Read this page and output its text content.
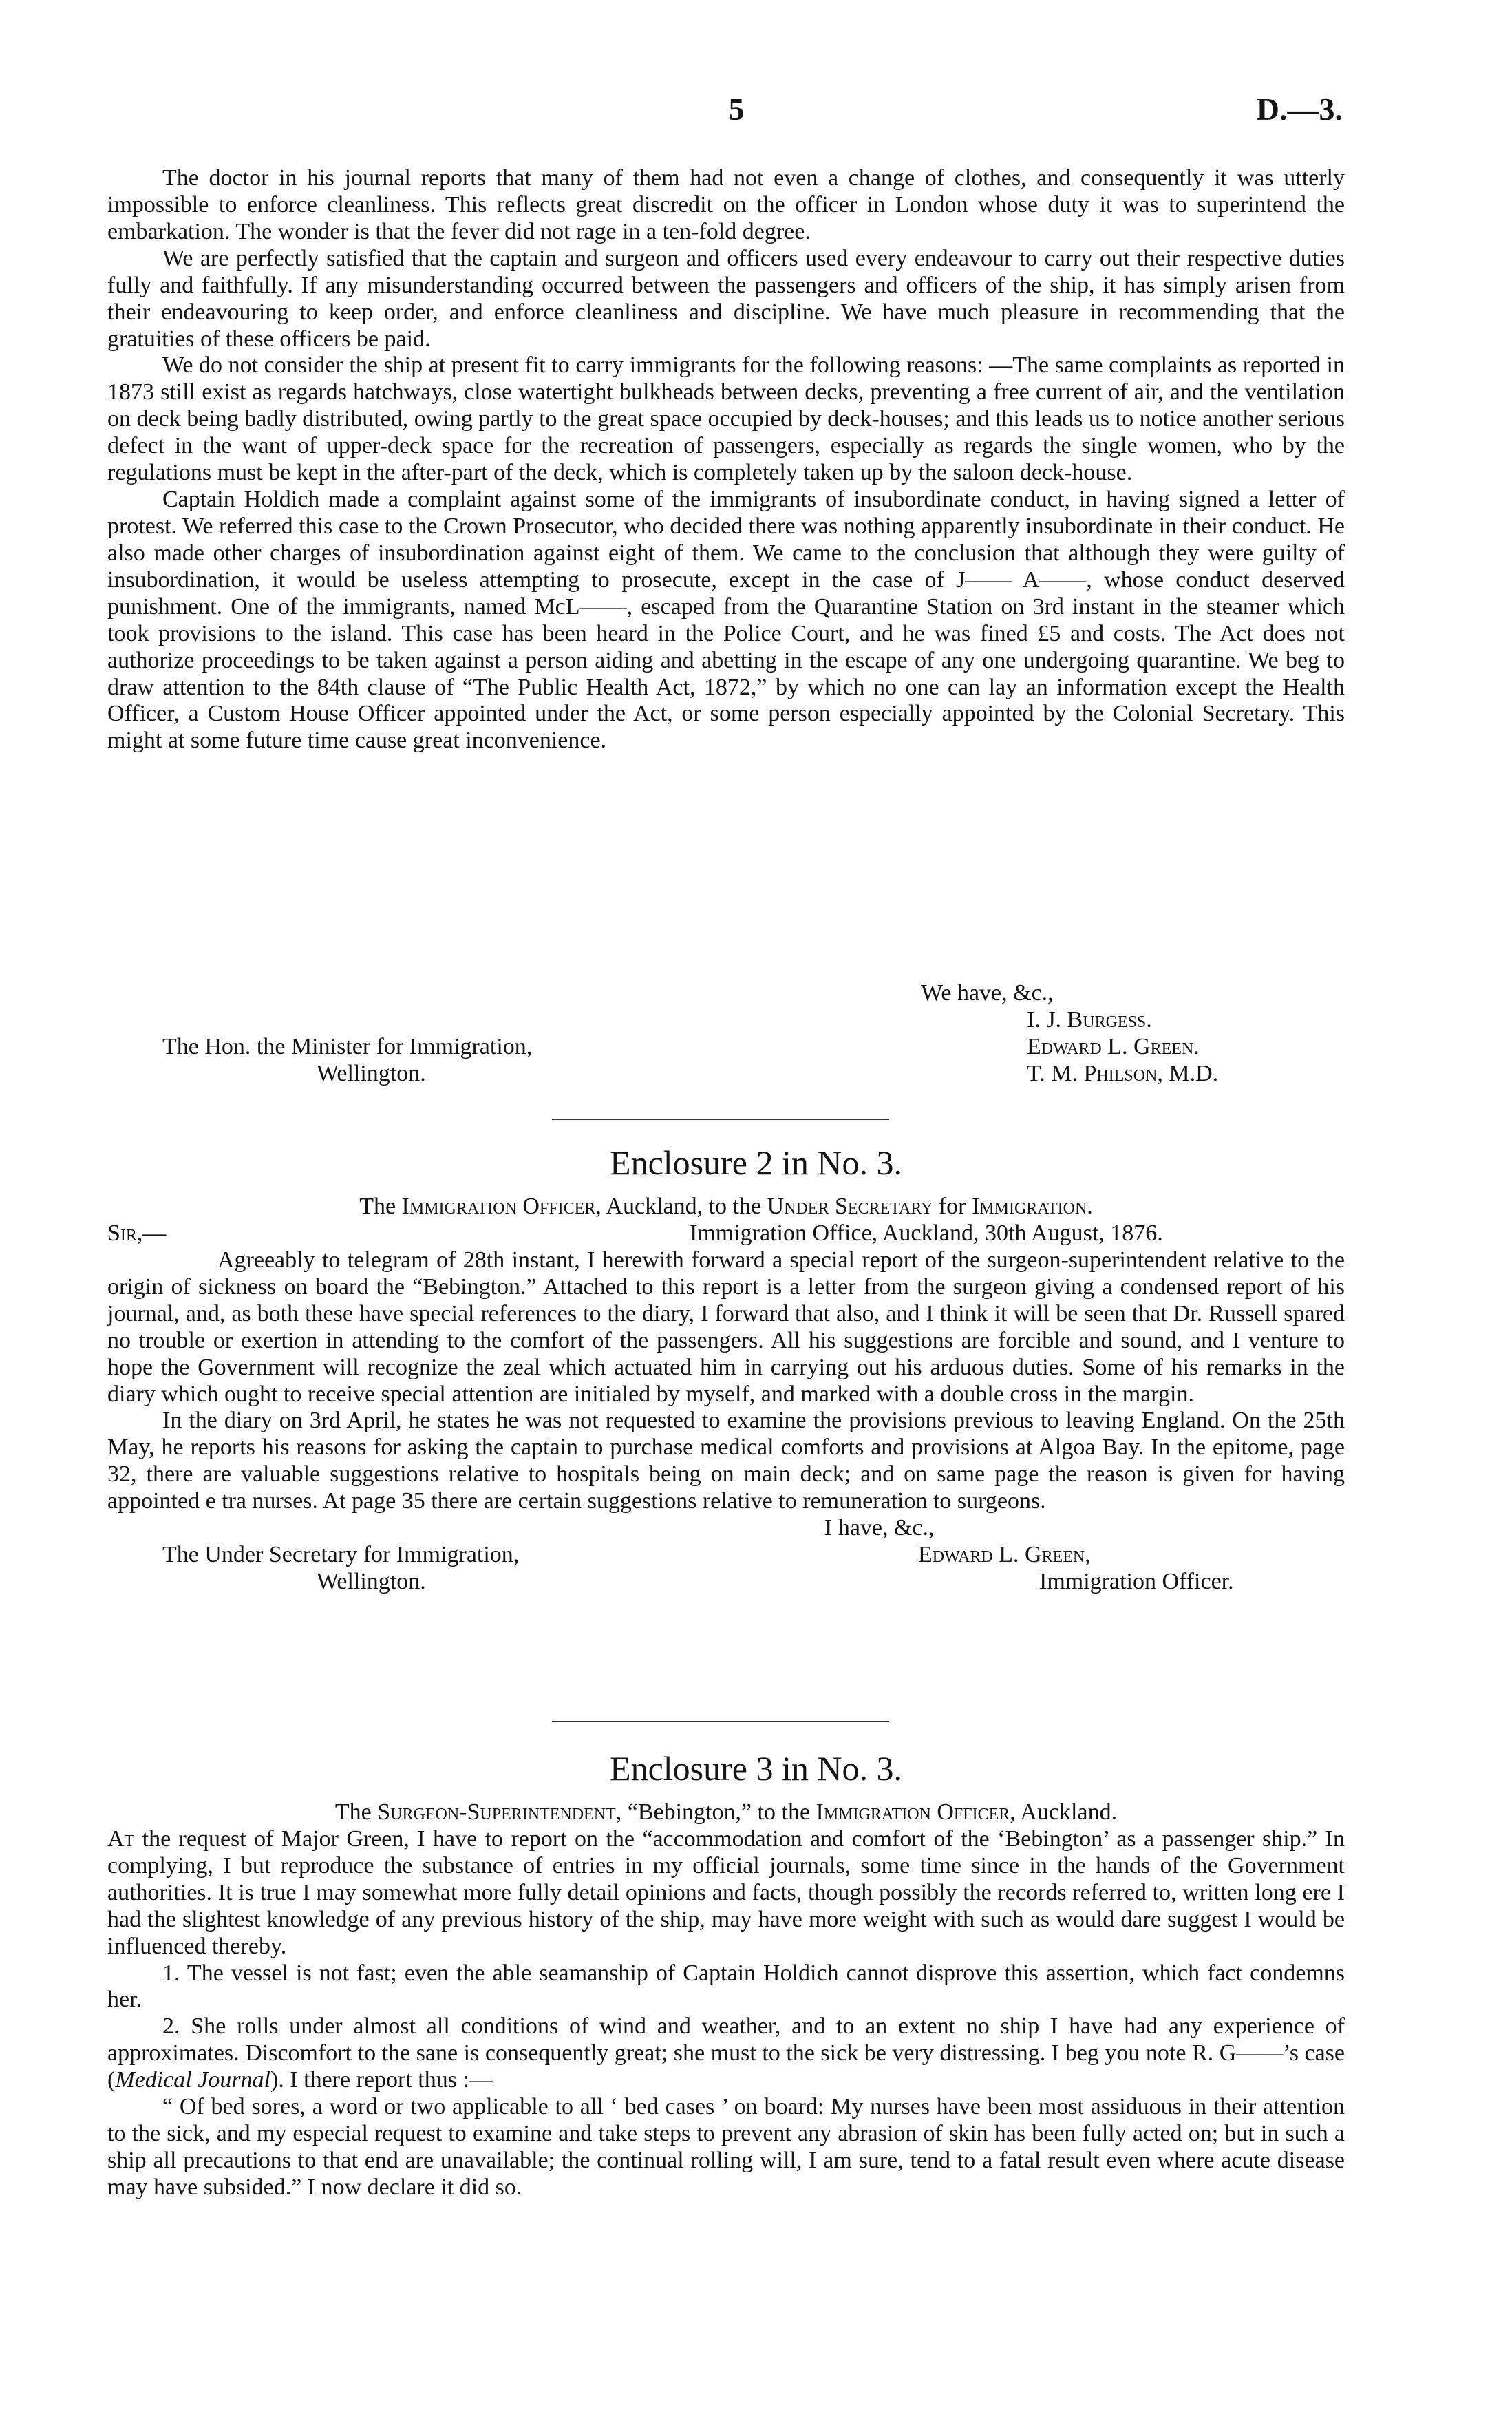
5	D.—3.

The doctor in his journal reports that many of them had not even a change of clothes, and consequently it was utterly impossible to enforce cleanliness. This reflects great discredit on the officer in London whose duty it was to superintend the embarkation. The wonder is that the fever did not rage in a ten-fold degree.

We are perfectly satisfied that the captain and surgeon and officers used every endeavour to carry out their respective duties fully and faithfully. If any misunderstanding occurred between the passengers and officers of the ship, it has simply arisen from their endeavouring to keep order, and enforce cleanliness and discipline. We have much pleasure in recommending that the gratuities of these officers be paid.

We do not consider the ship at present fit to carry immigrants for the following reasons: —The same complaints as reported in 1873 still exist as regards hatchways, close watertight bulkheads between decks, preventing a free current of air, and the ventilation on deck being badly distributed, owing partly to the great space occupied by deck-houses; and this leads us to notice another serious defect in the want of upper-deck space for the recreation of passengers, especially as regards the single women, who by the regulations must be kept in the after-part of the deck, which is completely taken up by the saloon deck-house.

Captain Holdich made a complaint against some of the immigrants of insubordinate conduct, in having signed a letter of protest. We referred this case to the Crown Prosecutor, who decided there was nothing apparently insubordinate in their conduct. He also made other charges of insubordination against eight of them. We came to the conclusion that although they were guilty of insubordination, it would be useless attempting to prosecute, except in the case of J—— A——, whose conduct deserved punishment. One of the immigrants, named McL——, escaped from the Quarantine Station on 3rd instant in the steamer which took provisions to the island. This case has been heard in the Police Court, and he was fined £5 and costs. The Act does not authorize proceedings to be taken against a person aiding and abetting in the escape of any one undergoing quarantine. We beg to draw attention to the 84th clause of “The Public Health Act, 1872,” by which no one can lay an information except the Health Officer, a Custom House Officer appointed under the Act, or some person especially appointed by the Colonial Secretary. This might at some future time cause great inconvenience.

We have, &c.,
I. J. Burgess.
The Hon. the Minister for Immigration,	Edward L. Green.
Wellington.	T. M. Philson, M.D.
Enclosure 2 in No. 3.

The Immigration Officer, Auckland, to the Under Secretary for Immigration.

Sir,—	Immigration Office, Auckland, 30th August, 1876.

Agreeably to telegram of 28th instant, I herewith forward a special report of the surgeon-superintendent relative to the origin of sickness on board the “Bebington.” Attached to this report is a letter from the surgeon giving a condensed report of his journal, and, as both these have special references to the diary, I forward that also, and I think it will be seen that Dr. Russell spared no trouble or exertion in attending to the comfort of the passengers. All his suggestions are forcible and sound, and I venture to hope the Government will recognize the zeal which actuated him in carrying out his arduous duties. Some of his remarks in the diary which ought to receive special attention are initialed by myself, and marked with a double cross in the margin.

In the diary on 3rd April, he states he was not requested to examine the provisions previous to leaving England. On the 25th May, he reports his reasons for asking the captain to purchase medical comforts and provisions at Algoa Bay. In the epitome, page 32, there are valuable suggestions relative to hospitals being on main deck; and on same page the reason is given for having appointed e tra nurses. At page 35 there are certain suggestions relative to remuneration to surgeons.

I have, &c.,
The Under Secretary for Immigration,	Edward L. Green,
Wellington.	Immigration Officer.
Enclosure 3 in No. 3.

The Surgeon-Superintendent, “Bebington,” to the Immigration Officer, Auckland.

At the request of Major Green, I have to report on the “accommodation and comfort of the ‘Bebington’ as a passenger ship.” In complying, I but reproduce the substance of entries in my official journals, some time since in the hands of the Government authorities. It is true I may somewhat more fully detail opinions and facts, though possibly the records referred to, written long ere I had the slightest knowledge of any previous history of the ship, may have more weight with such as would dare suggest I would be influenced thereby.

1. The vessel is not fast; even the able seamanship of Captain Holdich cannot disprove this assertion, which fact condemns her.

2. She rolls under almost all conditions of wind and weather, and to an extent no ship I have had any experience of approximates. Discomfort to the sane is consequently great; she must to the sick be very distressing. I beg you note R. G——’s case (Medical Journal). I there report thus :—

“ Of bed sores, a word or two applicable to all ‘ bed cases ’ on board: My nurses have been most assiduous in their attention to the sick, and my especial request to examine and take steps to prevent any abrasion of skin has been fully acted on; but in such a ship all precautions to that end are unavailable; the continual rolling will, I am sure, tend to a fatal result even where acute disease may have subsided.” I now declare it did so.
